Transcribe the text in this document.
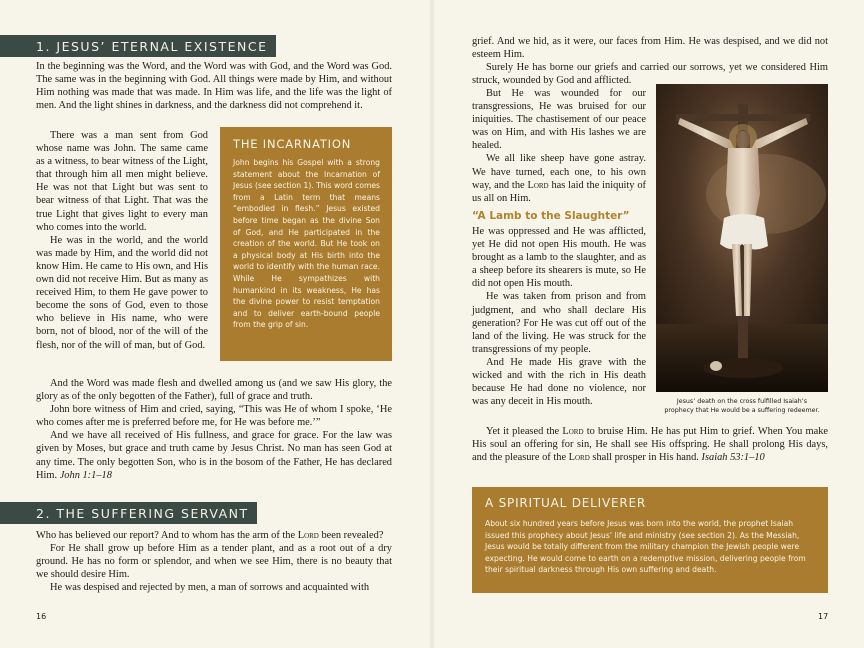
1. JESUS’ ETERNAL EXISTENCE

In the beginning was the Word, and the Word was with God, and the Word was God. The same was in the beginning with God. All things were made by Him, and without Him nothing was made that was made. In Him was life, and the life was the light of men. And the light shines in darkness, and the darkness did not comprehend it.

There was a man sent from God whose name was John. The same came as a witness, to bear witness of the Light, that through him all men might believe. He was not that Light but was sent to bear witness of that Light. That was the true Light that gives light to every man who comes into the world.

He was in the world, and the world was made by Him, and the world did not know Him. He came to His own, and His own did not receive Him. But as many as received Him, to them He gave power to become the sons of God, even to those who believe in His name, who were born, not of blood, nor of the will of the flesh, nor of the will of man, but of God.

THE INCARNATION

John begins his Gospel with a strong statement about the Incarnation of Jesus (see section 1). This word comes from a Latin term that means “embodied in flesh.” Jesus existed before time began as the divine Son of God, and He participated in the creation of the world. But He took on a physical body at His birth into the world to identify with the human race. While He sympathizes with humankind in its weakness, He has the divine power to resist temptation and to deliver earth-bound people from the grip of sin.

And the Word was made flesh and dwelled among us (and we saw His glory, the glory as of the only begotten of the Father), full of grace and truth.

John bore witness of Him and cried, saying, “This was He of whom I spoke, ‘He who comes after me is preferred before me, for He was before me.’”

And we have all received of His fullness, and grace for grace. For the law was given by Moses, but grace and truth came by Jesus Christ. No man has seen God at any time. The only begotten Son, who is in the bosom of the Father, He has declared Him. John 1:1–18

2. THE SUFFERING SERVANT

Who has believed our report? And to whom has the arm of the Lord been revealed?

For He shall grow up before Him as a tender plant, and as a root out of a dry ground. He has no form or splendor, and when we see Him, there is no beauty that we should desire Him.

He was despised and rejected by men, a man of sorrows and acquainted with

16

grief. And we hid, as it were, our faces from Him. He was despised, and we did not esteem Him.

Surely He has borne our griefs and carried our sorrows, yet we considered Him struck, wounded by God and afflicted.

But He was wounded for our transgressions, He was bruised for our iniquities. The chastisement of our peace was on Him, and with His lashes we are healed.

We all like sheep have gone astray. We have turned, each one, to his own way, and the Lord has laid the iniquity of us all on Him.

“A Lamb to the Slaughter”

He was oppressed and He was afflicted, yet He did not open His mouth. He was brought as a lamb to the slaughter, and as a sheep before its shearers is mute, so He did not open His mouth.

He was taken from prison and from judgment, and who shall declare His generation? For He was cut off out of the land of the living. He was struck for the transgressions of my people.

And He made His grave with the wicked and with the rich in His death because He had done no violence, nor was any deceit in His mouth.

Yet it pleased the Lord to bruise Him. He has put Him to grief. When You make His soul an offering for sin, He shall see His offspring. He shall prolong His days, and the pleasure of the Lord shall prosper in His hand. Isaiah 53:1–10

Jesus’ death on the cross fulfilled Isaiah’s
prophecy that He would be a suffering redeemer.

A SPIRITUAL DELIVERER

About six hundred years before Jesus was born into the world, the prophet Isaiah issued this prophecy about Jesus’ life and ministry (see section 2). As the Messiah, Jesus would be totally different from the military champion the Jewish people were expecting. He would come to earth on a redemptive mission, delivering people from their spiritual darkness through His own suffering and death.

17
